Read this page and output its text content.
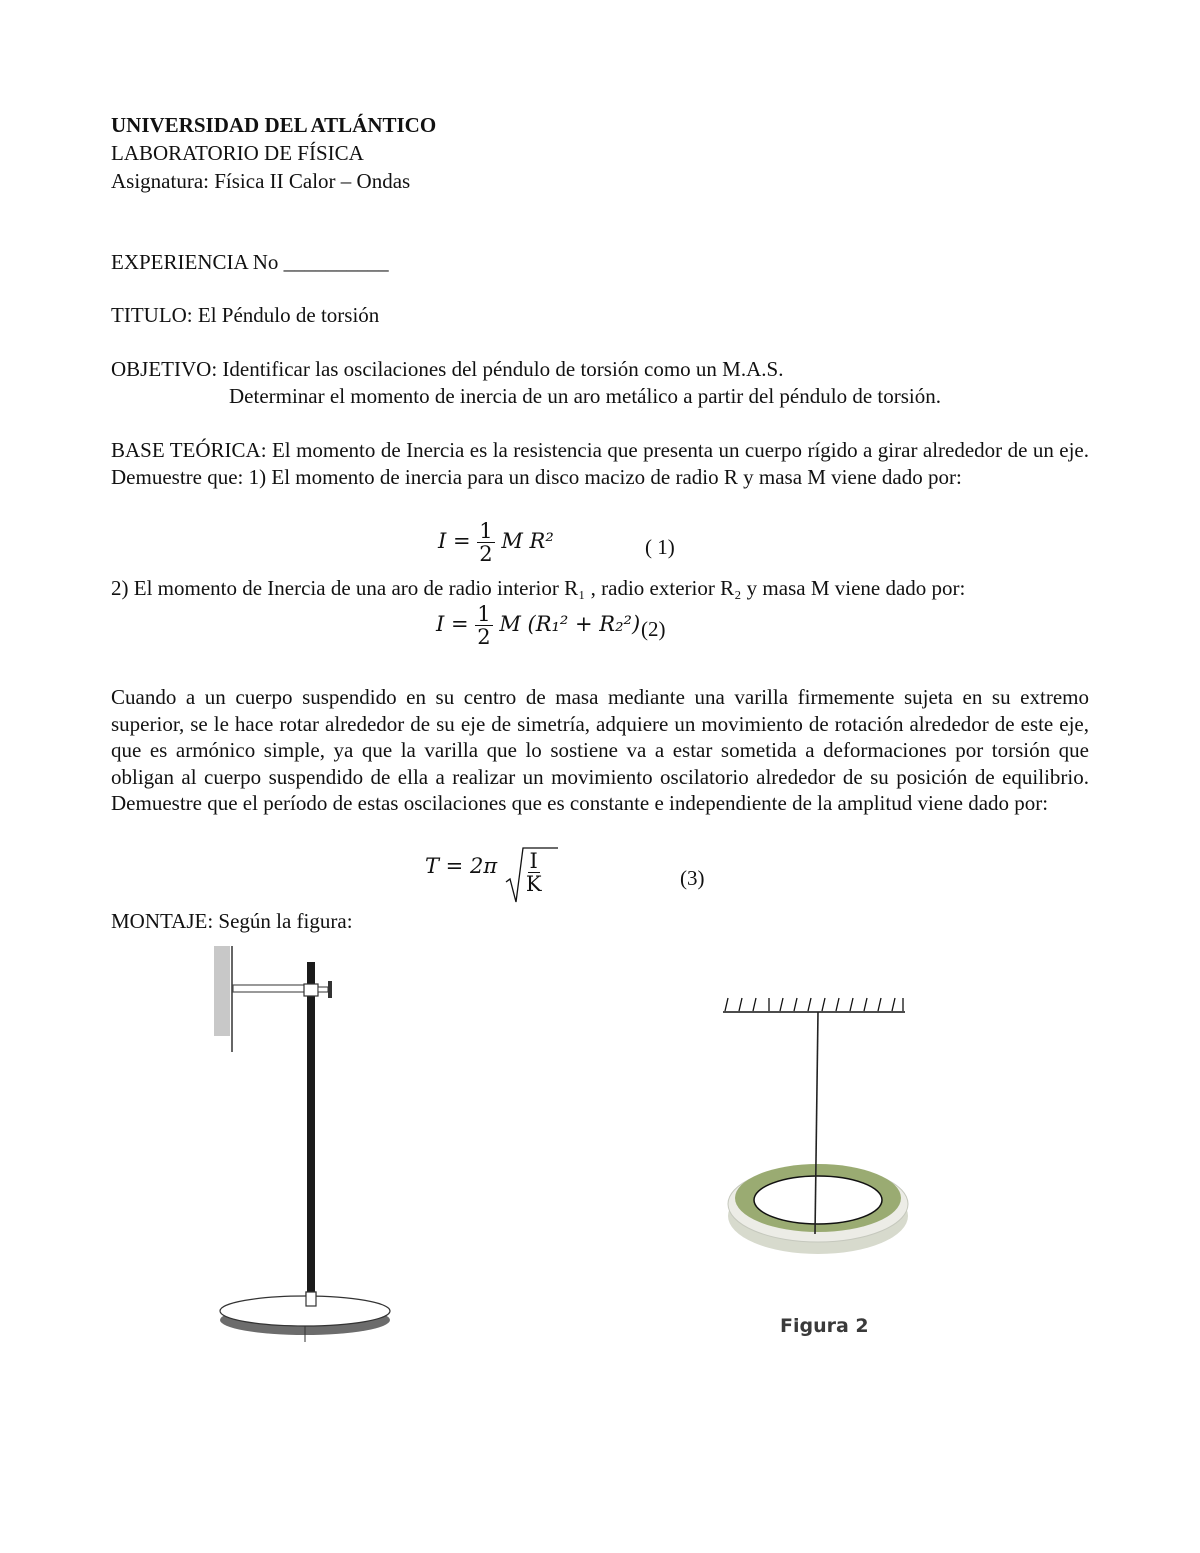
UNIVERSIDAD DEL ATLÁNTICO
LABORATORIO DE FÍSICA
Asignatura: Física II Calor – Ondas
EXPERIENCIA No __________
TITULO: El Péndulo de torsión
OBJETIVO: Identificar las oscilaciones del péndulo de torsión como un M.A.S.
Determinar el momento de inercia de un aro metálico a partir del péndulo de torsión.
BASE TEÓRICA: El momento de Inercia es la resistencia que presenta un cuerpo rígido a girar alrededor de un eje. Demuestre que: 1) El momento de inercia para un disco macizo de radio R y masa M viene dado por:
$I = \frac{1}{2}$ M R²	( 1)
2) El momento de Inercia de una aro de radio interior R₁ , radio exterior R₂ y masa M viene dado por:
$I = \frac{1}{2}$ M (R₁² + R₂²) (2)
Cuando a un cuerpo suspendido en su centro de masa mediante una varilla firmemente sujeta en su extremo superior, se le hace rotar alrededor de su eje de simetría, adquiere un movimiento de rotación alrededor de este eje, que es armónico simple, ya que la varilla que lo sostiene va a estar sometida a deformaciones por torsión que obligan al cuerpo suspendido de ella a realizar un movimiento oscilatorio alrededor de su posición de equilibrio. Demuestre que el período de estas oscilaciones que es constante e independiente de la amplitud viene dado por:
$T = 2\pi \frac{I}{K}$	(3)
MONTAJE: Según la figura:
Figura 2
